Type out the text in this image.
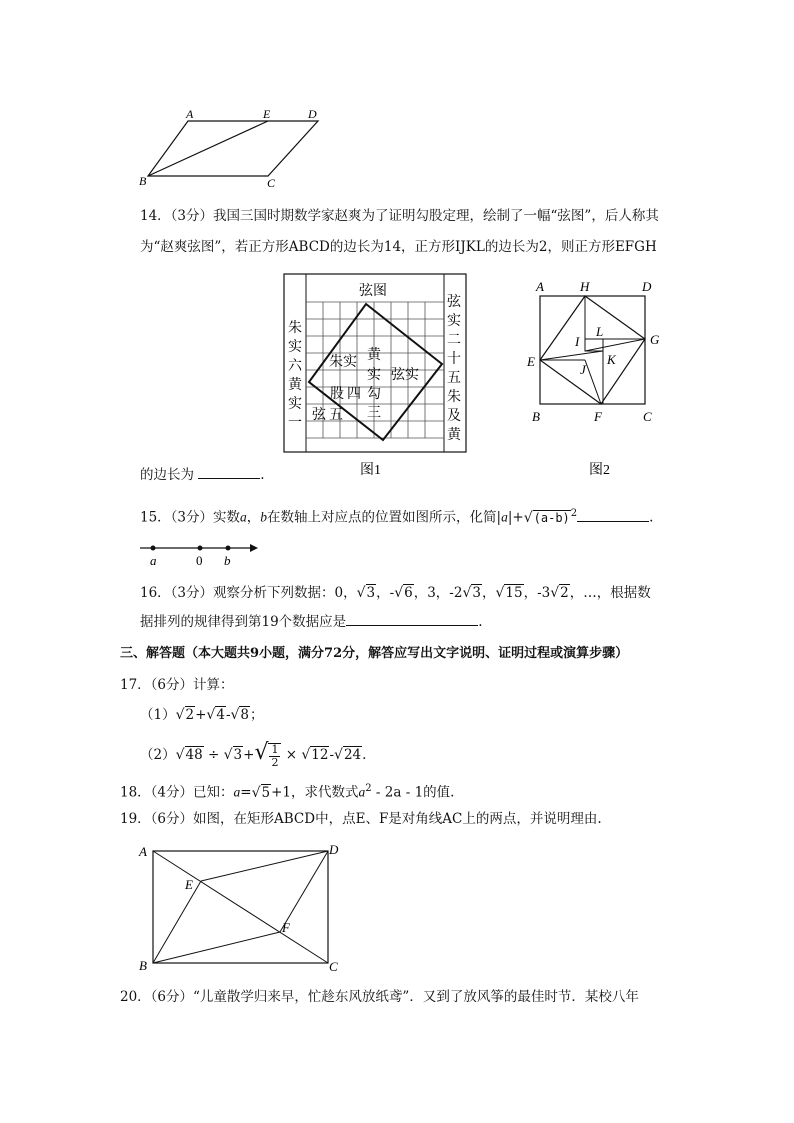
A	E	D
B	C
14．（3分）我国三国时期数学家赵爽为了证明勾股定理，绘制了一幅“弦图”，后人称其
为“赵爽弦图”，若正方形ABCD的边长为14，正方形IJKL的边长为2，则正方形EFGH
弦图
朱
实
六
黄
实
一
弦
实
二
十
五
朱
及
黄
朱实 黄
实 弦实
股 四 勾
弦 五 三
图1
A	H	D
E
G
B	F	C
I
L
K
J
图2
的边长为	.
15．（3分）实数a，b在数轴上对应点的位置如图所示，化简$|a|+√(a-b)^2$	.
a	0 b
16．（3分）观察分析下列数据：0，√3，-√6，3，-2√3，√15，-3√2，…，根据数
据排列的规律得到第19个数据应是	.
三、解答题（本大题共9小题，满分72分，解答应写出文字说明、证明过程或演算步骤）
17．（6分）计算：
（1）√2+√4-√8；
$(2)√48 \div √3+√ \frac{1}{2} \times √12-√24$.
18．（4分）已知：a=√5+1，求代数式$a^2 - 2a - 1$的值.
19．（6分）如图，在矩形ABCD中，点E、F是对角线AC上的两点，并说明理由.
A	D
E
F
B	C
20．（6分）“儿童散学归来早，忙趁东风放纸鸢”．又到了放风筝的最佳时节．某校八年
